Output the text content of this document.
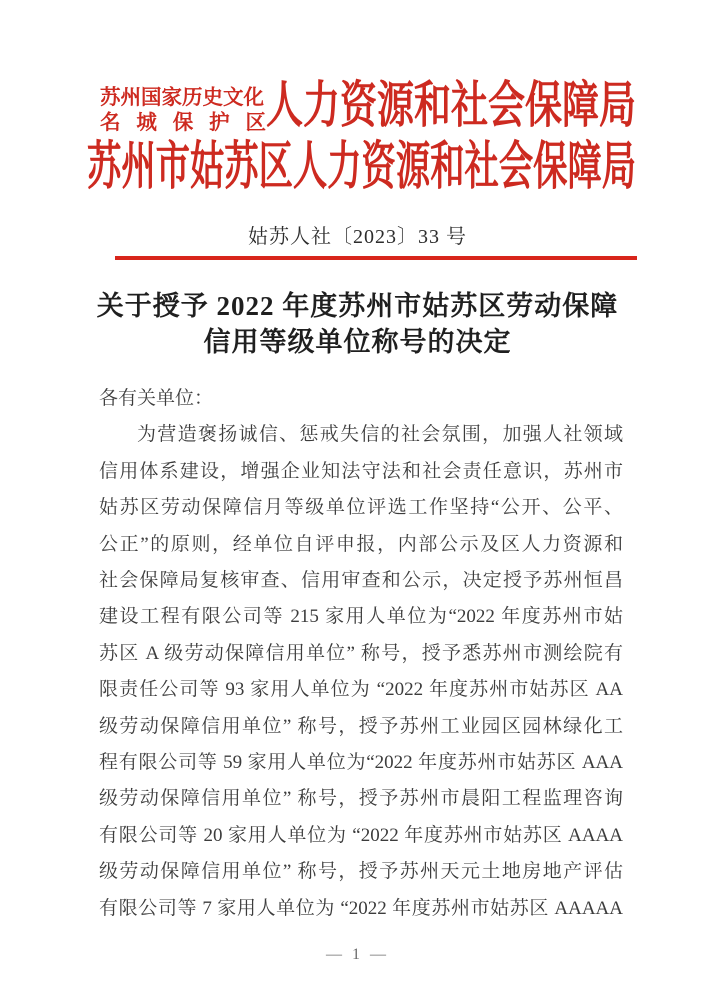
苏州国家历史文化
名城保护区 人力资源和社会保障局
苏州市姑苏区人力资源和社会保障局
姑苏人社〔2023〕33 号
关于授予 2022 年度苏州市姑苏区劳动保障
信用等级单位称号的决定
各有关单位：
为营造褒扬诚信、惩戒失信的社会氛围，加强人社领域
信用体系建设，增强企业知法守法和社会责任意识，苏州市
姑苏区劳动保障信月等级单位评选工作坚持“公开、公平、
公正”的原则，经单位自评申报，内部公示及区人力资源和
社会保障局复核审查、信用审查和公示，决定授予苏州恒昌
建设工程有限公司等 215 家用人单位为“2022 年度苏州市姑
苏区 A 级劳动保障信用单位” 称号，授予悉苏州市测绘院有
限责任公司等 93 家用人单位为 “2022 年度苏州市姑苏区 AA
级劳动保障信用单位” 称号，授予苏州工业园区园林绿化工
程有限公司等 59 家用人单位为“2022 年度苏州市姑苏区 AAA
级劳动保障信用单位” 称号，授予苏州市晨阳工程监理咨询
有限公司等 20 家用人单位为 “2022 年度苏州市姑苏区 AAAA
级劳动保障信用单位” 称号，授予苏州天元土地房地产评估
有限公司等 7 家用人单位为 “2022 年度苏州市姑苏区 AAAAA
— 1 —
